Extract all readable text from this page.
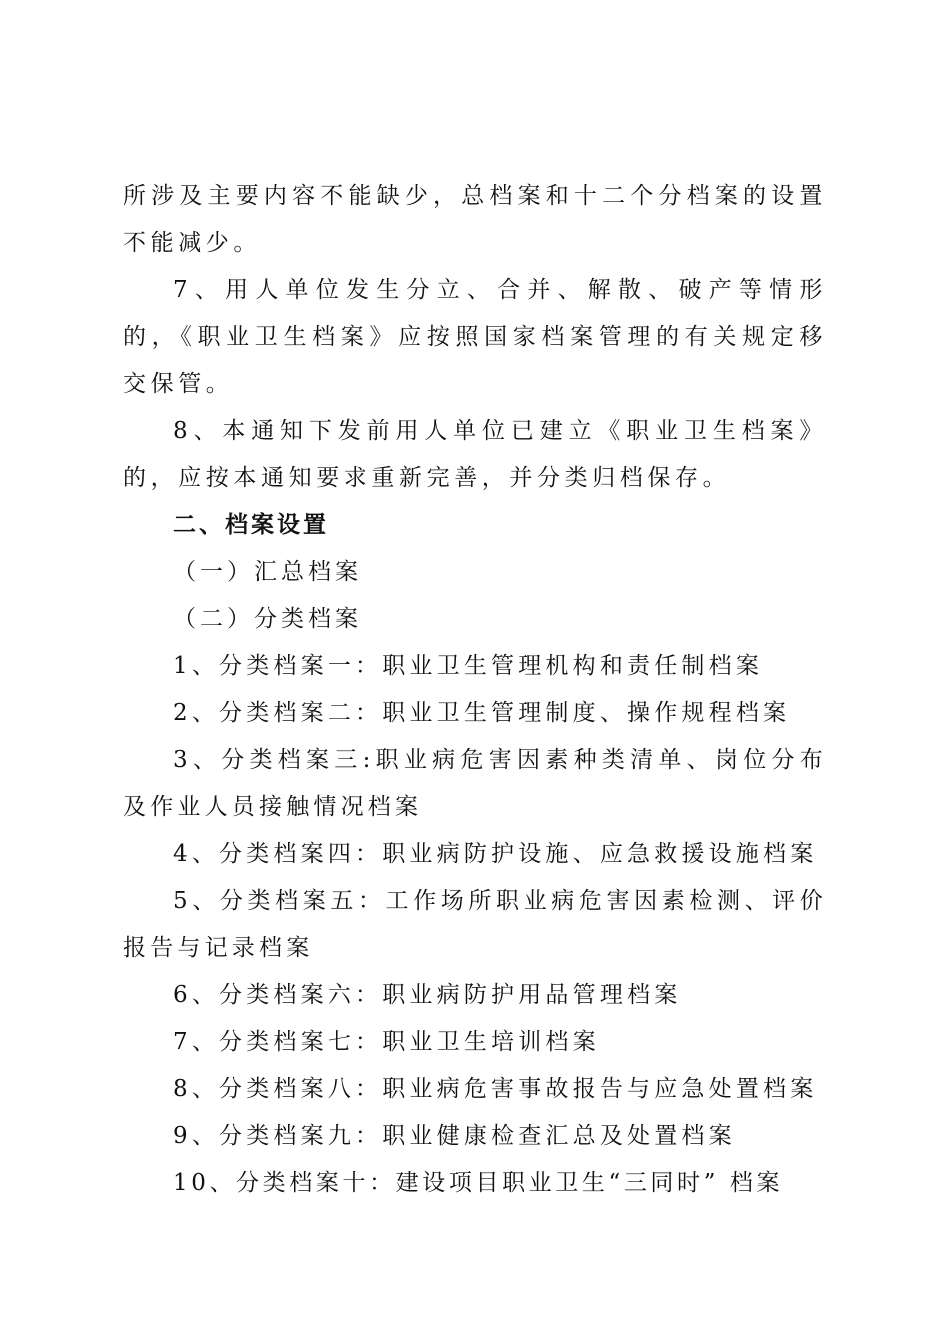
所涉及主要内容不能缺少，总档案和十二个分档案的设置不能减少。

7、用人单位发生分立、合并、解散、破产等情形的，《职业卫生档案》应按照国家档案管理的有关规定移交保管。

8、本通知下发前用人单位已建立《职业卫生档案》的，应按本通知要求重新完善，并分类归档保存。

二、档案设置

（一）汇总档案

（二）分类档案

1、分类档案一：职业卫生管理机构和责任制档案

2、分类档案二：职业卫生管理制度、操作规程档案

3、分类档案三:职业病危害因素种类清单、岗位分布及作业人员接触情况档案

4、分类档案四：职业病防护设施、应急救援设施档案

5、分类档案五：工作场所职业病危害因素检测、评价报告与记录档案

6、分类档案六：职业病防护用品管理档案

7、分类档案七：职业卫生培训档案

8、分类档案八：职业病危害事故报告与应急处置档案

9、分类档案九：职业健康检查汇总及处置档案

10、分类档案十：建设项目职业卫生“三同时” 档案
